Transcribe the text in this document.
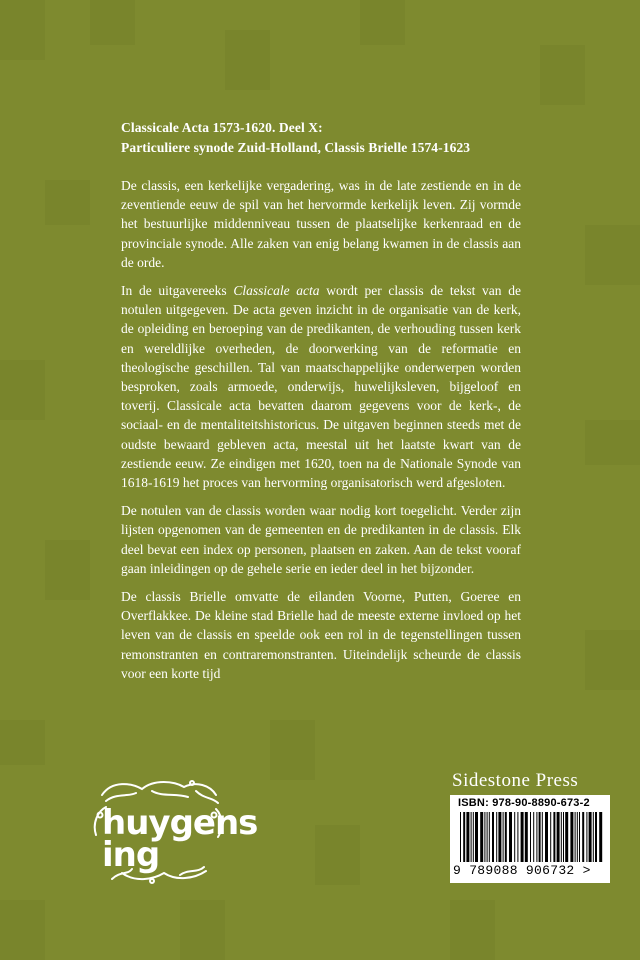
Classicale Acta 1573-1620. Deel X:
Particuliere synode Zuid-Holland, Classis Brielle 1574-1623

De classis, een kerkelijke vergadering, was in de late zestiende en in de zeventiende eeuw de spil van het hervormde kerkelijk leven. Zij vormde het bestuurlijke middenniveau tussen de plaatselijke kerkenraad en de provinciale synode. Alle zaken van enig belang kwamen in de classis aan de orde.

In de uitgavereeks Classicale acta wordt per classis de tekst van de notulen uitgegeven. De acta geven inzicht in de organisatie van de kerk, de opleiding en beroeping van de predikanten, de verhouding tussen kerk en wereldlijke overheden, de doorwerking van de reformatie en theologische geschillen. Tal van maatschappelijke onderwerpen worden besproken, zoals armoede, onderwijs, huwelijksleven, bijgeloof en toverij. Classicale acta bevatten daarom gegevens voor de kerk-, de sociaal- en de mentaliteitshistoricus. De uitgaven beginnen steeds met de oudste bewaard gebleven acta, meestal uit het laatste kwart van de zestiende eeuw. Ze eindigen met 1620, toen na de Nationale Synode van 1618-1619 het proces van hervorming organisatorisch werd afgesloten.

De notulen van de classis worden waar nodig kort toegelicht. Verder zijn lijsten opgenomen van de gemeenten en de predikanten in de classis. Elk deel bevat een index op personen, plaatsen en zaken. Aan de tekst vooraf gaan inleidingen op de gehele serie en ieder deel in het bijzonder.

De classis Brielle omvatte de eilanden Voorne, Putten, Goeree en Overflakkee. De kleine stad Brielle had de meeste externe invloed op het leven van de classis en speelde ook een rol in de tegenstellingen tussen remonstranten en contraremonstranten. Uiteindelijk scheurde de classis voor een korte tijd

huygens
ing
Sidestone Press
ISBN: 978-90-8890-673-2
9 789088 906732 >
